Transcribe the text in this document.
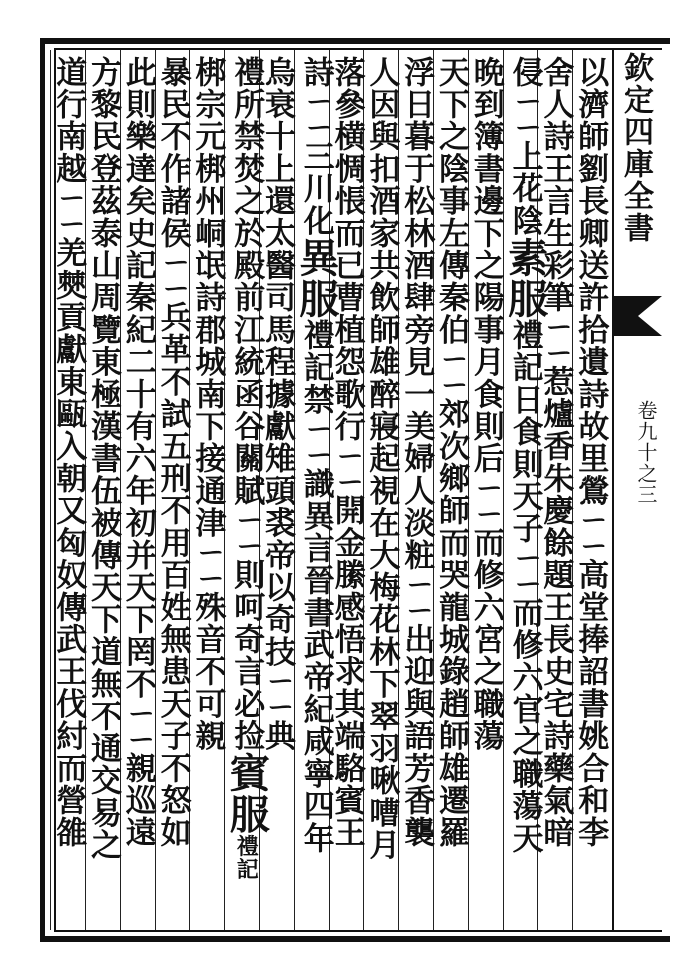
欽定四庫全書
卷九十之三
以濟師劉長卿送許拾遺詩故里鶯ㄧㄧ高堂捧詔書姚合和李
舍人詩王言生彩筆ㄧㄧ惹爐香朱慶餘題王長史宅詩藥氣暗
侵ㄧㄧ上花陰素服禮記日食則天子ㄧㄧ而修六官之職蕩天
晩到簿書邊下之陽事月食則后ㄧㄧ而修六宮之職蕩
天下之陰事左傳秦伯ㄧㄧ郊次鄉師而哭龍城錄趙師雄遷羅
浮日暮于松林酒肆旁見一美婦人淡粧ㄧㄧ出迎與語芳香襲
人因與扣酒家共飲師雄醉寢起視在大梅花林下翠羽啾嘈月
落參横惆悵而已曹植怨歌行ㄧㄧ開金縢感悟求其端駱賓王
詩ㄧㄧ三川化異服禮記禁ㄧㄧ識異言晉書武帝紀咸寧四年
烏衰十上還太醫司馬程據獻雉頭裘帝以奇技ㄧㄧ典
禮所禁焚之於殿前江統函谷關賦ㄧㄧ則呵奇言必捡賓服禮記
梆宗元梆州峒氓詩郡城南下接通津ㄧㄧ殊音不可親
暴民不作諸侯ㄧㄧ兵革不試五刑不用百姓無患天子不怒如
此則樂達矣史記秦紀二十有六年初并天下罔不ㄧㄧ親巡遠
方黎民登茲泰山周覽東極漢書伍被傳天下道無不通交易之
道行南越ㄧㄧ羌僰貢獻東甌入朝又匈奴傳武王伐紂而營雒
